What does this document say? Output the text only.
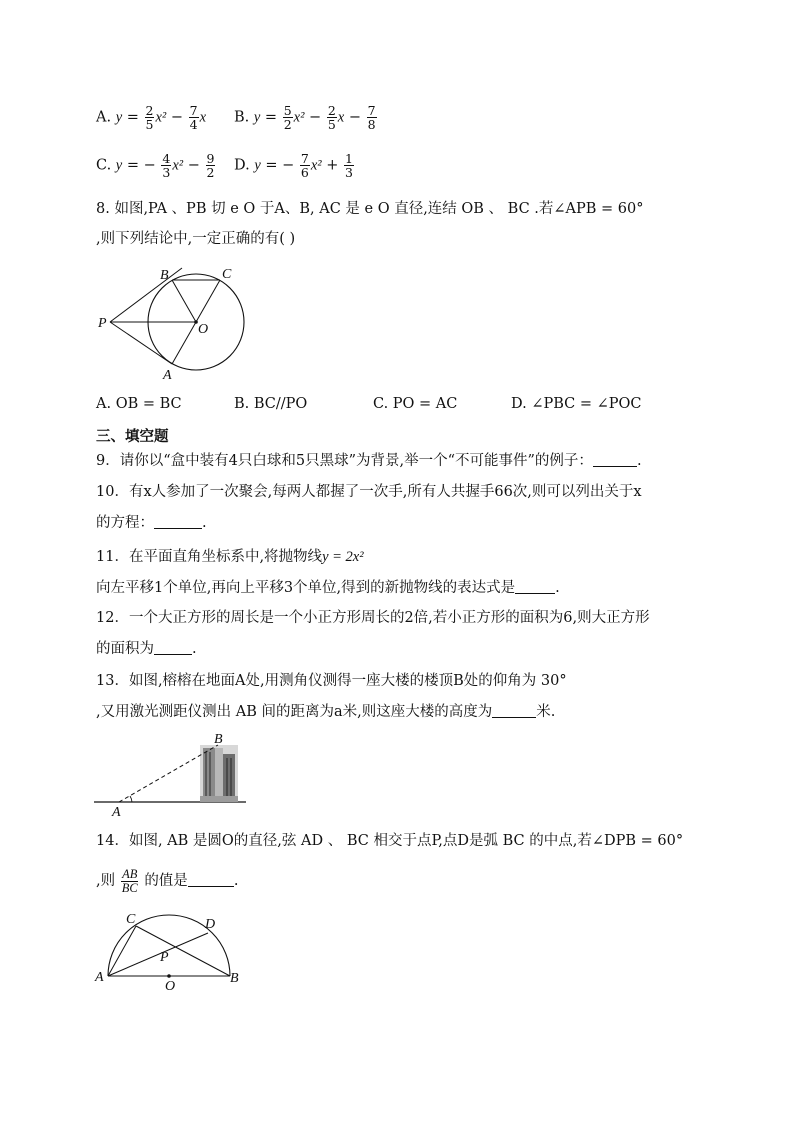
A. $y = \frac{2}{5} x^2 - \frac{7}{4}$ x B. $y = \frac{5}{2} x^2 - \frac{2}{5}$ $x - \frac{7}{8}$
C. y = − $\frac{4}{3} x^2 - \frac{9}{2} D$. y = − $\frac{7}{6} x^2 + \frac{1}{3}$
8. 如图,PA 、PB 切 e O 于A、B, AC 是 e O 直径,连结 OB 、 BC .若∠APB = 60°
,则下列结论中,一定正确的有( )
B	C
P	O
A
A. OB = BC	B. BC//PO	C. PO = AC	D. ∠PBC = ∠POC
三、填空题
9．请你以“盒中装有4只白球和5只黑球”为背景,举一个“不可能事件”的例子：	.
10．有x人参加了一次聚会,每两人都握了一次手,所有人共握手66次,则可以列出关于x
的方程：	.
11．在平面直角坐标系中,将抛物线y = 2x²
向左平移1个单位,再向上平移3个单位,得到的新抛物线的表达式是	.
12．一个大正方形的周长是一个小正方形周长的2倍,若小正方形的面积为6,则大正方形
的面积为	.
13．如图,榕榕在地面A处,用测角仪测得一座大楼的楼顶B处的仰角为 30°
,又用激光测距仪测出 AB 间的距离为a米,则这座大楼的高度为	米.
B
A
14．如图, AB 是圆O的直径,弦 AD 、 BC 相交于点P,点D是弧 BC 的中点,若∠DPB = 60°
,则 $\frac{AB}{BC}$ 的值是	.
C	D
P
A
O
B
